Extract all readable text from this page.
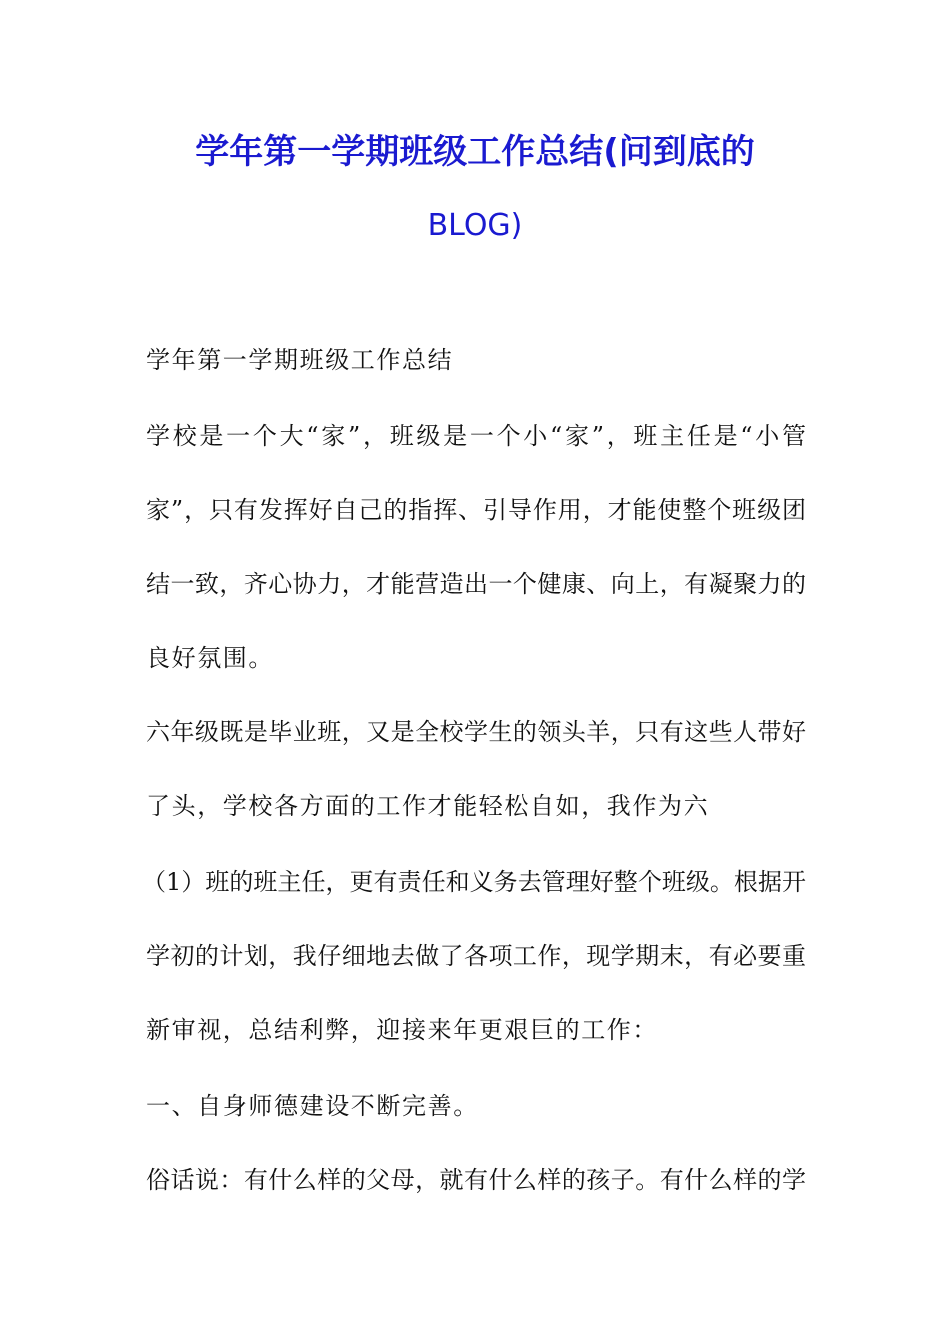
学年第一学期班级工作总结(问到底的
BLOG)

学年第一学期班级工作总结

学校是一个大“家”，班级是一个小“家”，班主任是“小管

家”，只有发挥好自己的指挥、引导作用，才能使整个班级团

结一致，齐心协力，才能营造出一个健康、向上，有凝聚力的

良好氛围。

六年级既是毕业班，又是全校学生的领头羊，只有这些人带好

了头，学校各方面的工作才能轻松自如，我作为六

（1）班的班主任，更有责任和义务去管理好整个班级。根据开

学初的计划，我仔细地去做了各项工作，现学期末，有必要重

新审视，总结利弊，迎接来年更艰巨的工作：

一、自身师德建设不断完善。

俗话说：有什么样的父母，就有什么样的孩子。有什么样的学
